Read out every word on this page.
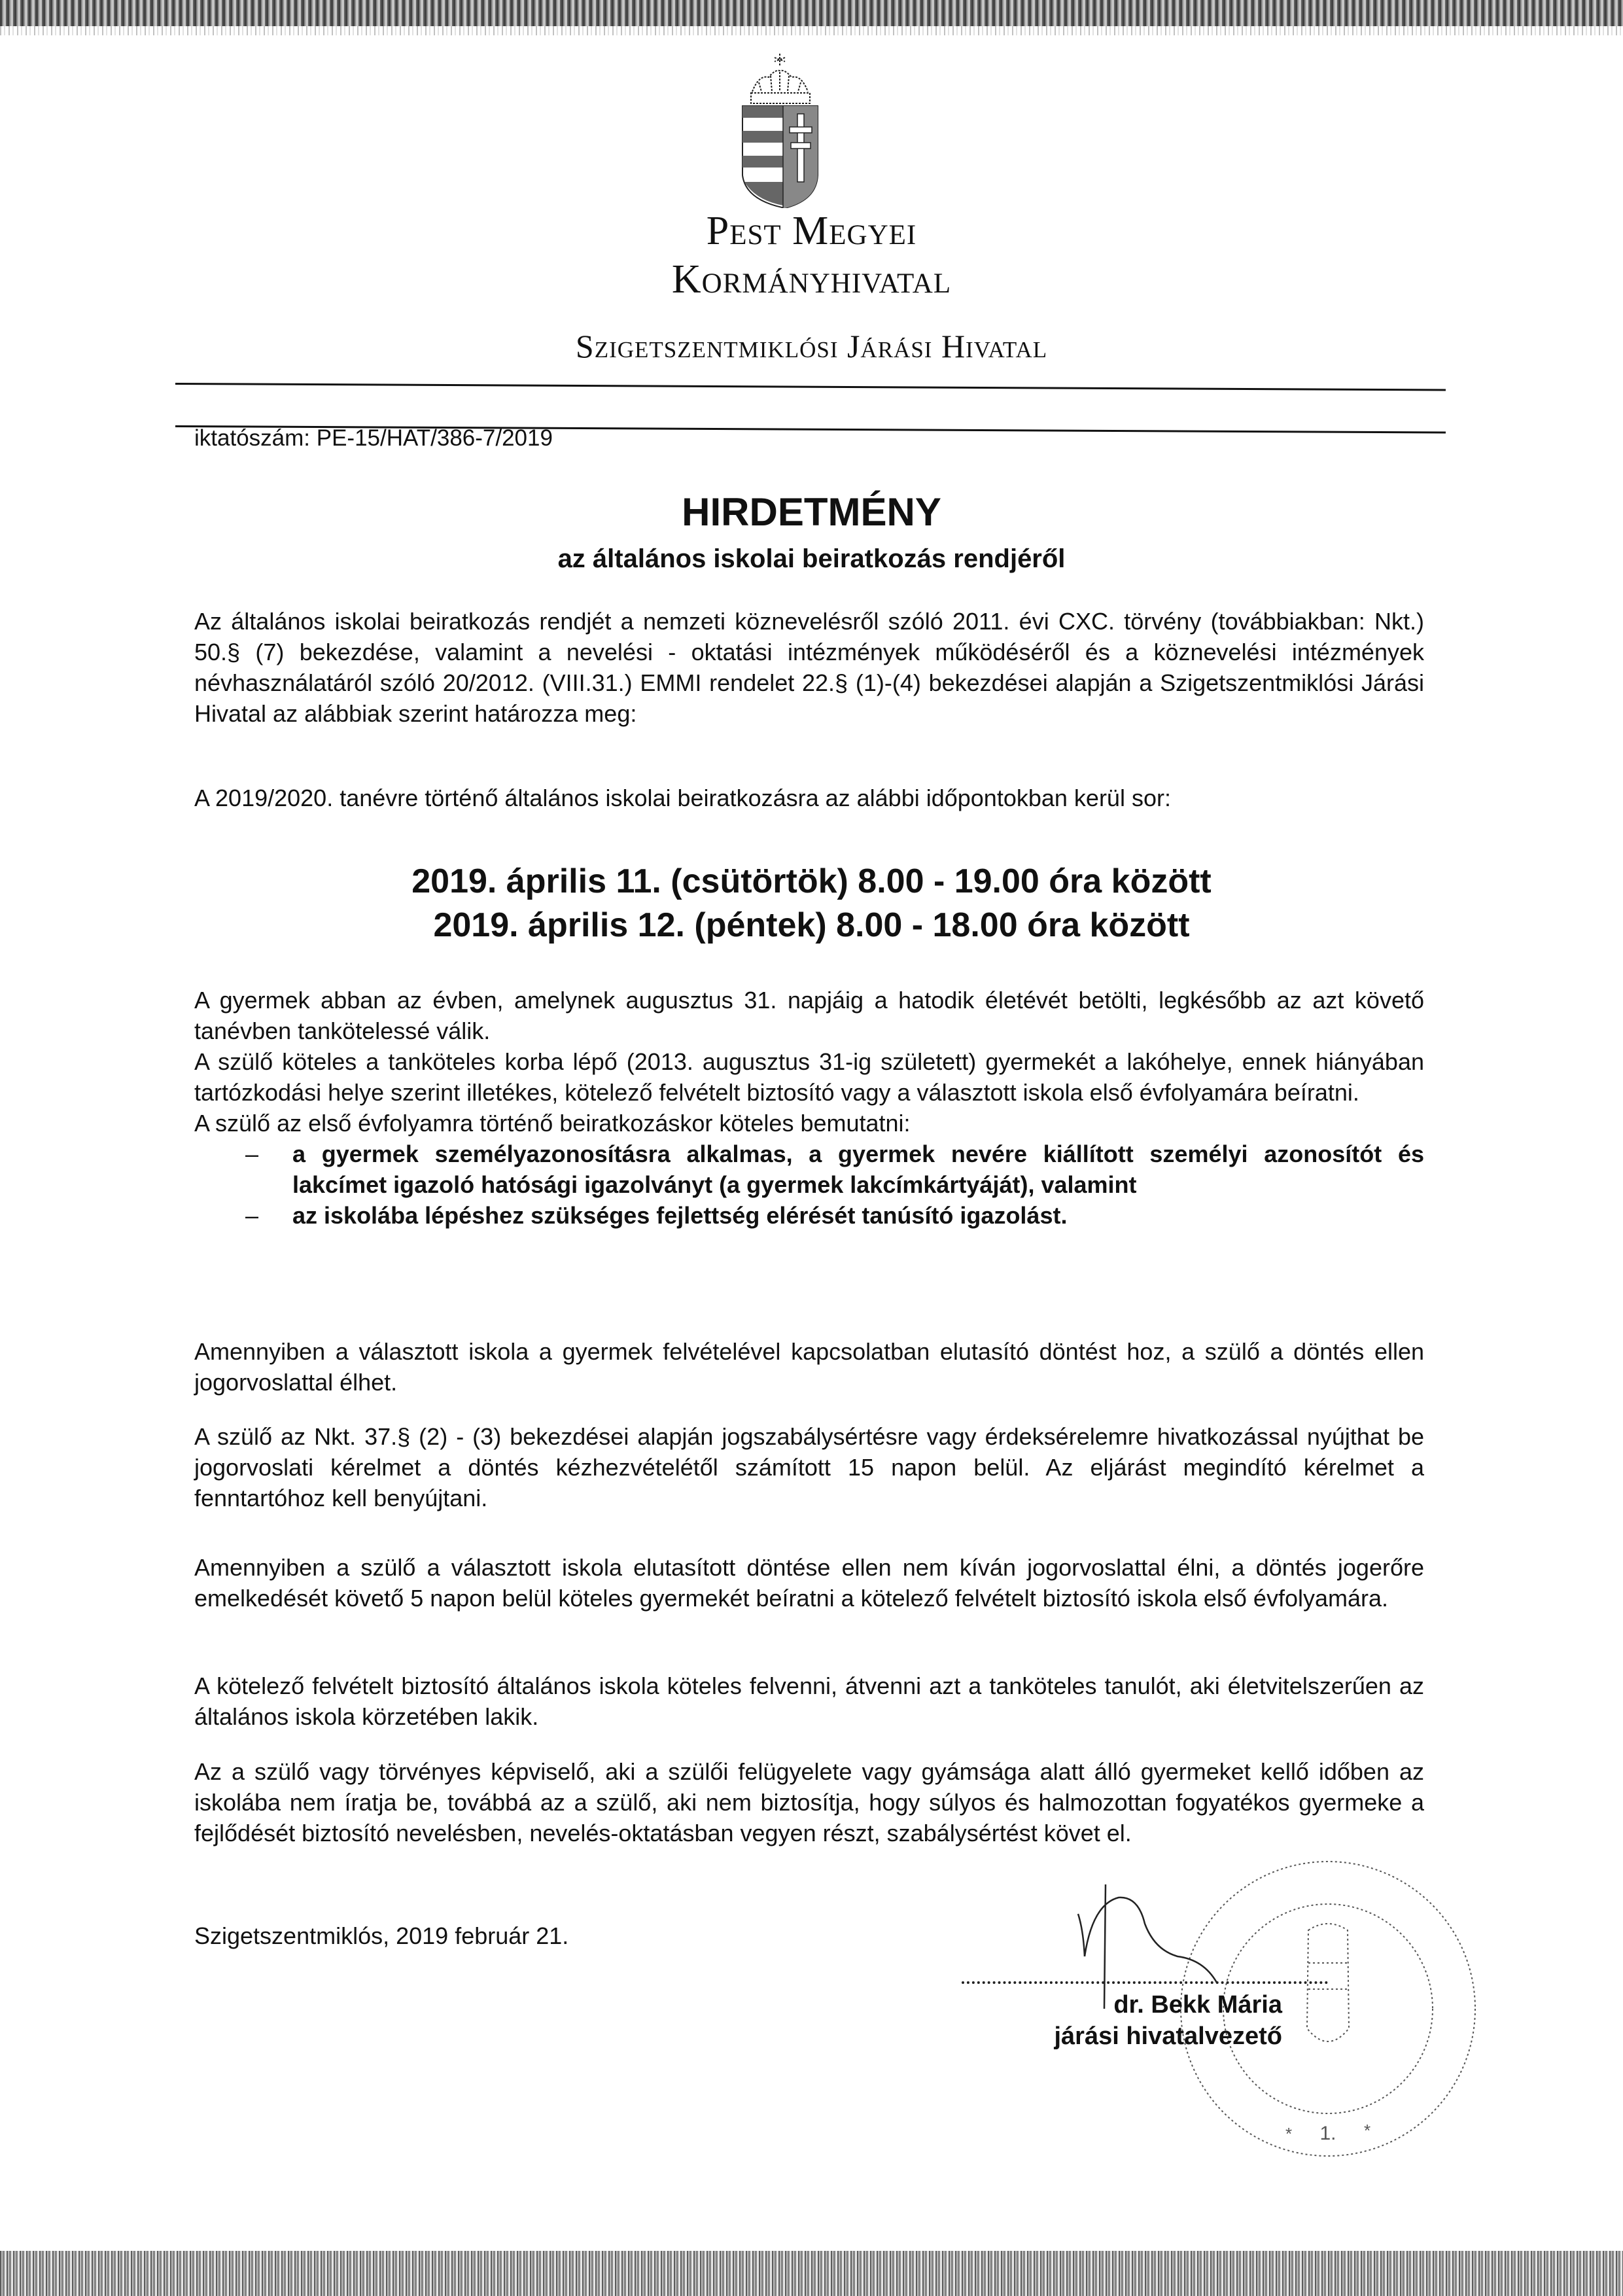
Pest Megyei
Kormányhivatal
Szigetszentmiklósi Járási Hivatal
iktatószám: PE-15/HAT/386-7/2019
HIRDETMÉNY
az általános iskolai beiratkozás rendjéről

Az általános iskolai beiratkozás rendjét a nemzeti köznevelésről szóló 2011. évi CXC. törvény (továbbiakban: Nkt.) 50.§ (7) bekezdése, valamint a nevelési - oktatási intézmények működéséről és a köznevelési intézmények névhasználatáról szóló 20/2012. (VIII.31.) EMMI rendelet 22.§ (1)-(4) bekezdései alapján a Szigetszentmiklósi Járási Hivatal az alábbiak szerint határozza meg:

A 2019/2020. tanévre történő általános iskolai beiratkozásra az alábbi időpontokban kerül sor:

2019. április 11. (csütörtök) 8.00 - 19.00 óra között
2019. április 12. (péntek) 8.00 - 18.00 óra között

A gyermek abban az évben, amelynek augusztus 31. napjáig a hatodik életévét betölti, legkésőbb az azt követő tanévben tankötelessé válik.

A szülő köteles a tanköteles korba lépő (2013. augusztus 31-ig született) gyermekét a lakóhelye, ennek hiányában tartózkodási helye szerint illetékes, kötelező felvételt biztosító vagy a választott iskola első évfolyamára beíratni.

A szülő az első évfolyamra történő beiratkozáskor köteles bemutatni:

– a gyermek személyazonosításra alkalmas, a gyermek nevére kiállított személyi azonosítót és lakcímet igazoló hatósági igazolványt (a gyermek lakcímkártyáját), valamint
– az iskolába lépéshez szükséges fejlettség elérését tanúsító igazolást.

Amennyiben a választott iskola a gyermek felvételével kapcsolatban elutasító döntést hoz, a szülő a döntés ellen jogorvoslattal élhet.

A szülő az Nkt. 37.§ (2) - (3) bekezdései alapján jogszabálysértésre vagy érdeksérelemre hivatkozással nyújthat be jogorvoslati kérelmet a döntés kézhezvételétől számított 15 napon belül. Az eljárást megindító kérelmet a fenntartóhoz kell benyújtani.

Amennyiben a szülő a választott iskola elutasított döntése ellen nem kíván jogorvoslattal élni, a döntés jogerőre emelkedését követő 5 napon belül köteles gyermekét beíratni a kötelező felvételt biztosító iskola első évfolyamára.

A kötelező felvételt biztosító általános iskola köteles felvenni, átvenni azt a tanköteles tanulót, aki életvitelszerűen az általános iskola körzetében lakik.

Az a szülő vagy törvényes képviselő, aki a szülői felügyelete vagy gyámsága alatt álló gyermeket kellő időben az iskolába nem íratja be, továbbá az a szülő, aki nem biztosítja, hogy súlyos és halmozottan fogyatékos gyermeke a fejlődését biztosító nevelésben, nevelés-oktatásban vegyen részt, szabálysértést követ el.

Szigetszentmiklós, 2019 február 21.
1.
*	*
dr. Bekk Mária
járási hivatalvezető
